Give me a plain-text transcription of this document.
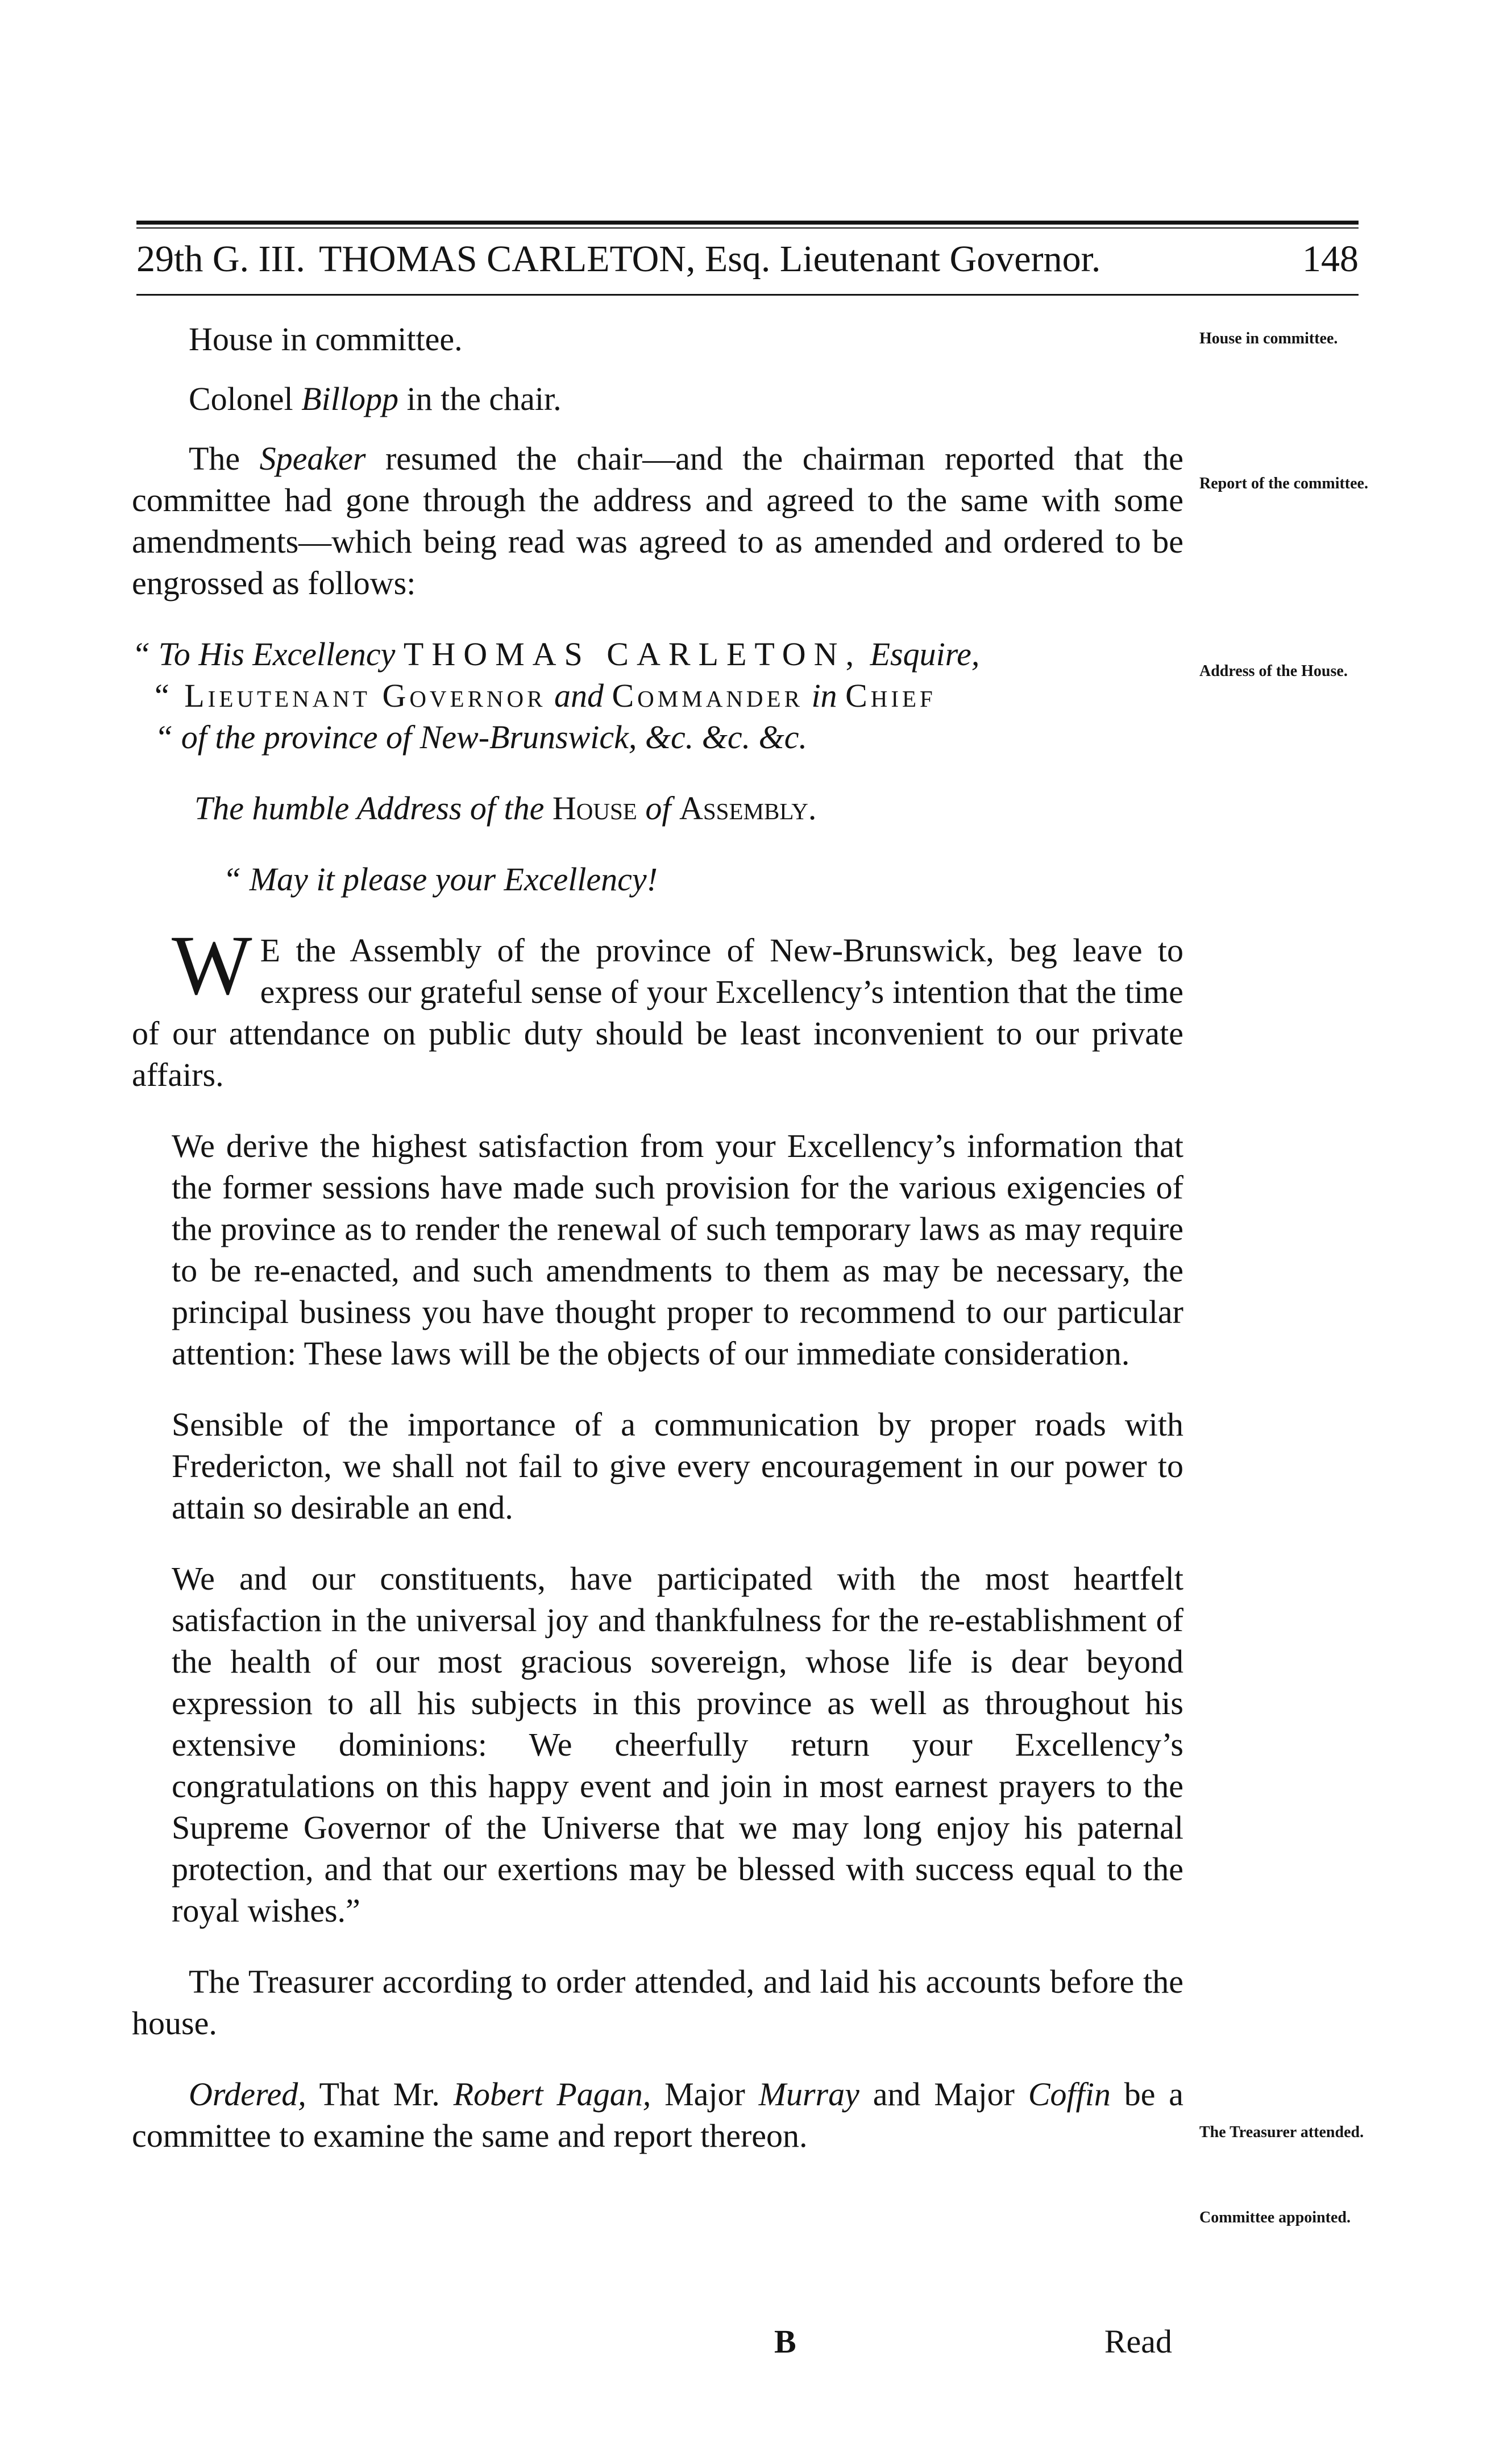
29th G. III. THOMAS CARLETON, Esq. Lieutenant Governor.	148
House in committee.
Report of the committee.
Address of the House.
The Treasurer attended.
Committee appointed.

House in committee.

Colonel Billopp in the chair.

The Speaker resumed the chair—and the chairman reported that the committee had gone through the address and agreed to the same with some amendments—which being read was agreed to as amended and ordered to be engrossed as follows:

“ To His Excellency THOMAS CARLETON, Esquire,
“ Lieutenant Governor and Commander in Chief
“ of the province of New-Brunswick, &c. &c. &c.
The humble Address of the House of Assembly.
“ May it please your Excellency!

W E the Assembly of the province of New-Brunswick, beg leave to express our grateful sense of your Excellency’s intention that the time of our attendance on public duty should be least inconvenient to our private affairs.

We derive the highest satisfaction from your Excellency’s information that the former sessions have made such provision for the various exigencies of the province as to render the renewal of such temporary laws as may require to be re-enacted, and such amendments to them as may be necessary, the principal business you have thought proper to recommend to our particular attention: These laws will be the objects of our immediate consideration.

Sensible of the importance of a communication by proper roads with Fredericton, we shall not fail to give every encouragement in our power to attain so desirable an end.

We and our constituents, have participated with the most heartfelt satisfaction in the universal joy and thankfulness for the re-establishment of the health of our most gracious sovereign, whose life is dear beyond expression to all his subjects in this province as well as throughout his extensive dominions: We cheerfully return your Excellency’s congratulations on this happy event and join in most earnest prayers to the Supreme Governor of the Universe that we may long enjoy his paternal protection, and that our exertions may be blessed with success equal to the royal wishes.”

The Treasurer according to order attended, and laid his accounts before the house.

Ordered, That Mr. Robert Pagan, Major Murray and Major Coffin be a committee to examine the same and report thereon.

B	Read
